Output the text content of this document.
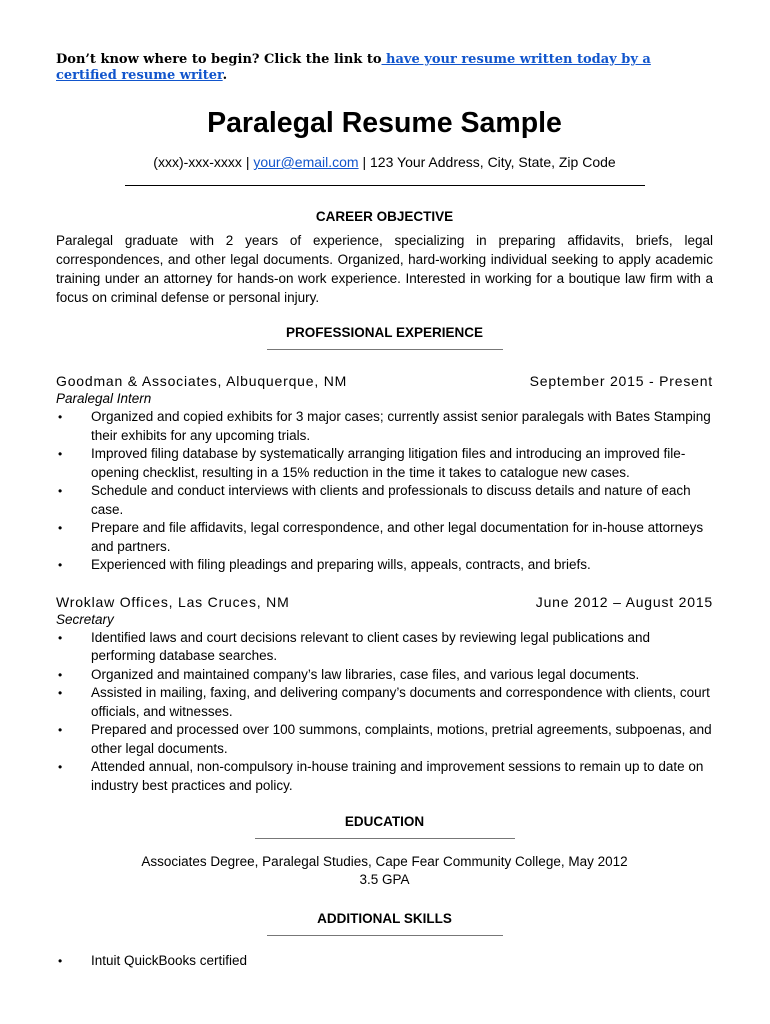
Don’t know where to begin? Click the link to have your resume written today by a certified resume writer.
Paralegal Resume Sample
(xxx)-xxx-xxxx | your@email.com | 123 Your Address, City, State, Zip Code
CAREER OBJECTIVE
Paralegal graduate with 2 years of experience, specializing in preparing affidavits, briefs, legal correspondences, and other legal documents. Organized, hard-working individual seeking to apply academic training under an attorney for hands-on work experience. Interested in working for a boutique law firm with a focus on criminal defense or personal injury.
PROFESSIONAL EXPERIENCE
Goodman & Associates, Albuquerque, NM	September 2015 - Present
Paralegal Intern
• Organized and copied exhibits for 3 major cases; currently assist senior paralegals with Bates Stamping their exhibits for any upcoming trials.
• Improved filing database by systematically arranging litigation files and introducing an improved file-opening checklist, resulting in a 15% reduction in the time it takes to catalogue new cases.
• Schedule and conduct interviews with clients and professionals to discuss details and nature of each case.
• Prepare and file affidavits, legal correspondence, and other legal documentation for in-house attorneys and partners.
• Experienced with filing pleadings and preparing wills, appeals, contracts, and briefs.
Wroklaw Offices, Las Cruces, NM	June 2012 – August 2015
Secretary
• Identified laws and court decisions relevant to client cases by reviewing legal publications and performing database searches.
• Organized and maintained company’s law libraries, case files, and various legal documents.
• Assisted in mailing, faxing, and delivering company’s documents and correspondence with clients, court officials, and witnesses.
• Prepared and processed over 100 summons, complaints, motions, pretrial agreements, subpoenas, and other legal documents.
• Attended annual, non-compulsory in-house training and improvement sessions to remain up to date on industry best practices and policy.
EDUCATION
Associates Degree, Paralegal Studies, Cape Fear Community College, May 2012
3.5 GPA
ADDITIONAL SKILLS
• Intuit QuickBooks certified
